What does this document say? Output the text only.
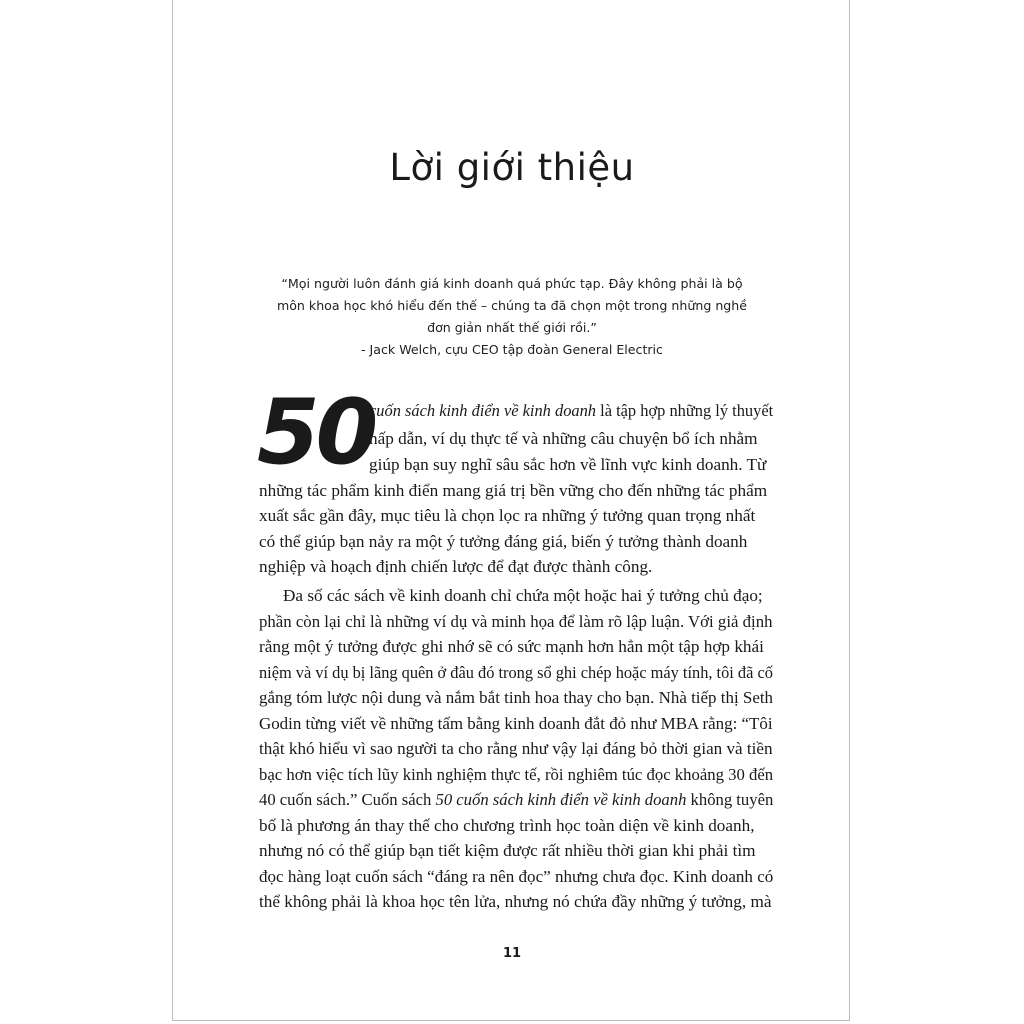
Lời giới thiệu
“Mọi người luôn đánh giá kinh doanh quá phức tạp. Đây không phải là bộ
môn khoa học khó hiểu đến thế – chúng ta đã chọn một trong những nghề
đơn giản nhất thế giới rồi.”
- Jack Welch, cựu CEO tập đoàn General Electric
50
cuốn sách kinh điển về kinh doanh là tập hợp những lý thuyết
hấp dẫn, ví dụ thực tế và những câu chuyện bổ ích nhằm
giúp bạn suy nghĩ sâu sắc hơn về lĩnh vực kinh doanh. Từ
những tác phẩm kinh điển mang giá trị bền vững cho đến những tác phẩm
xuất sắc gần đây, mục tiêu là chọn lọc ra những ý tưởng quan trọng nhất
có thể giúp bạn nảy ra một ý tưởng đáng giá, biến ý tưởng thành doanh
nghiệp và hoạch định chiến lược để đạt được thành công.
Đa số các sách về kinh doanh chỉ chứa một hoặc hai ý tưởng chủ đạo;
phần còn lại chỉ là những ví dụ và minh họa để làm rõ lập luận. Với giả định
rằng một ý tưởng được ghi nhớ sẽ có sức mạnh hơn hẳn một tập hợp khái
niệm và ví dụ bị lãng quên ở đâu đó trong sổ ghi chép hoặc máy tính, tôi đã cố
gắng tóm lược nội dung và nắm bắt tinh hoa thay cho bạn. Nhà tiếp thị Seth
Godin từng viết về những tấm bằng kinh doanh đắt đỏ như MBA rằng: “Tôi
thật khó hiểu vì sao người ta cho rằng như vậy lại đáng bỏ thời gian và tiền
bạc hơn việc tích lũy kinh nghiệm thực tế, rồi nghiêm túc đọc khoảng 30 đến
40 cuốn sách.” Cuốn sách 50 cuốn sách kinh điển về kinh doanh không tuyên
bố là phương án thay thế cho chương trình học toàn diện về kinh doanh,
nhưng nó có thể giúp bạn tiết kiệm được rất nhiều thời gian khi phải tìm
đọc hàng loạt cuốn sách “đáng ra nên đọc” nhưng chưa đọc. Kinh doanh có
thể không phải là khoa học tên lửa, nhưng nó chứa đầy những ý tưởng, mà
11
